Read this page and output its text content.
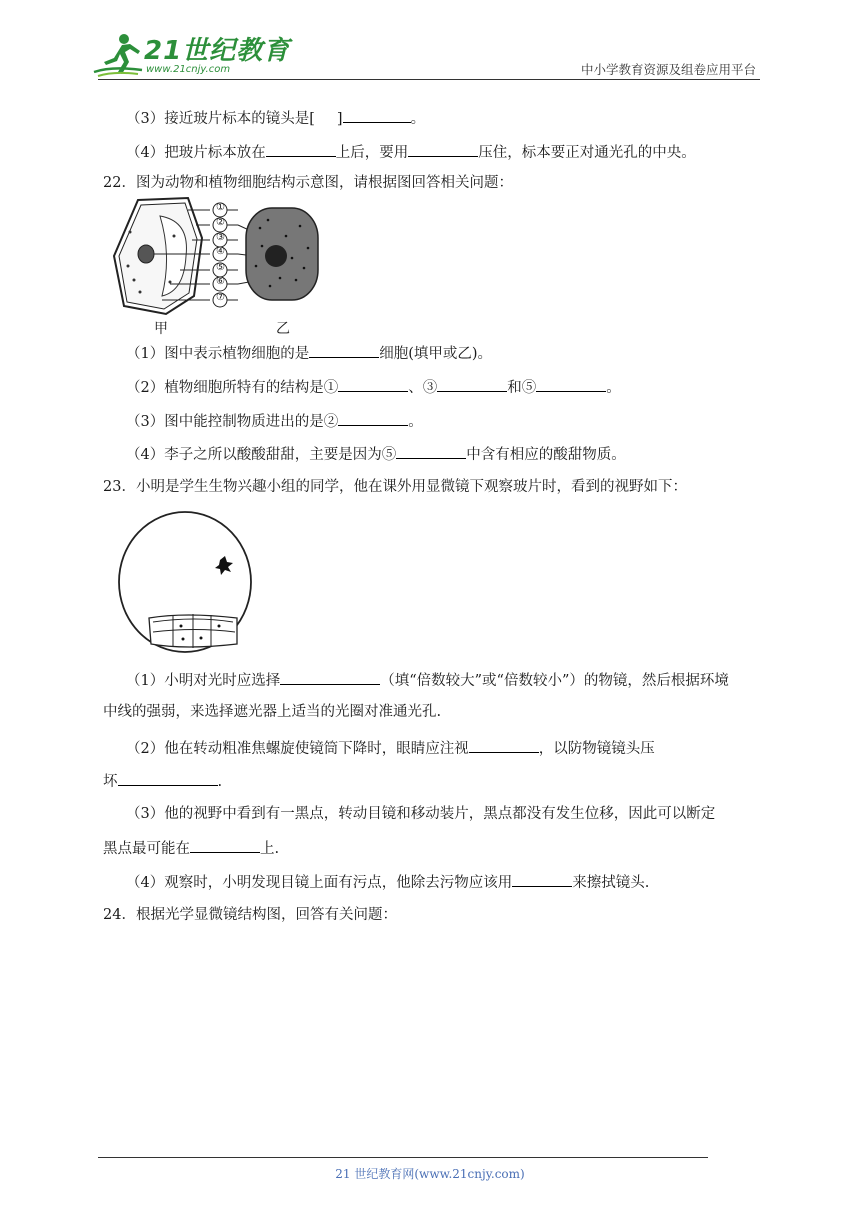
21世纪教育
www.21cnjy.com	中小学教育资源及组卷应用平台
（3）接近玻片标本的镜头是[ ]	。
（4）把玻片标本放在	上后，要用	压住，标本要正对通光孔的中央。
22．图为动物和植物细胞结构示意图，请根据图回答相关问题：
①
②
③
④
⑤
⑥
⑦
甲	乙
（1）图中表示植物细胞的是	细胞(填甲或乙)。
（2）植物细胞所特有的结构是①	、③	和⑤	。
（3）图中能控制物质进出的是②	。
（4）李子之所以酸酸甜甜，主要是因为⑤	中含有相应的酸甜物质。
23．小明是学生生物兴趣小组的同学，他在课外用显微镜下观察玻片时，看到的视野如下：
（1）小明对光时应选择	（填“倍数较大”或“倍数较小”）的物镜，然后根据环境
中线的强弱，来选择遮光器上适当的光圈对准通光孔.
（2）他在转动粗准焦螺旋使镜筒下降时，眼睛应注视	，以防物镜镜头压
坏	.
（3）他的视野中看到有一黑点，转动目镜和移动装片，黑点都没有发生位移，因此可以断定
黑点最可能在	上.
（4）观察时，小明发现目镜上面有污点，他除去污物应该用	来擦拭镜头.
24．根据光学显微镜结构图，回答有关问题：
21 世纪教育网(www.21cnjy.com)
